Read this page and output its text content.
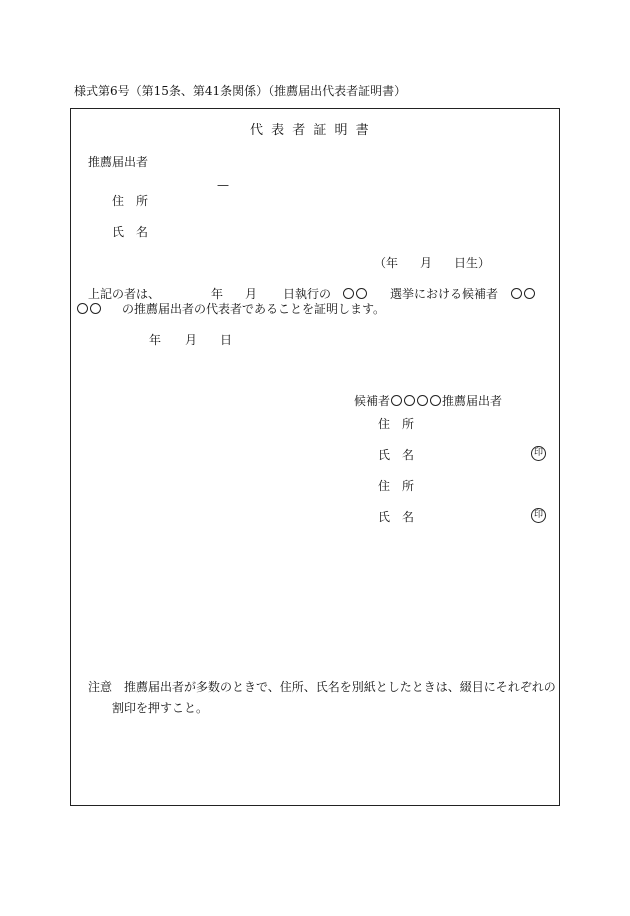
様式第6号（第15条、第41条関係）（推薦届出代表者証明書）
代 表 者 証 明 書
推薦届出者
—
住　所
氏　名
（年 月 日生）
上記の者は、	年 月 日執行の	選挙における候補者
の推薦届出者の代表者であることを証明します。
年 月 日
候補者	推薦届出者
住　所
氏　名	印
住　所
氏　名	印
注意 推薦届出者が多数のときで、住所、氏名を別紙としたときは、綴目にそれぞれの
割印を押すこと。
